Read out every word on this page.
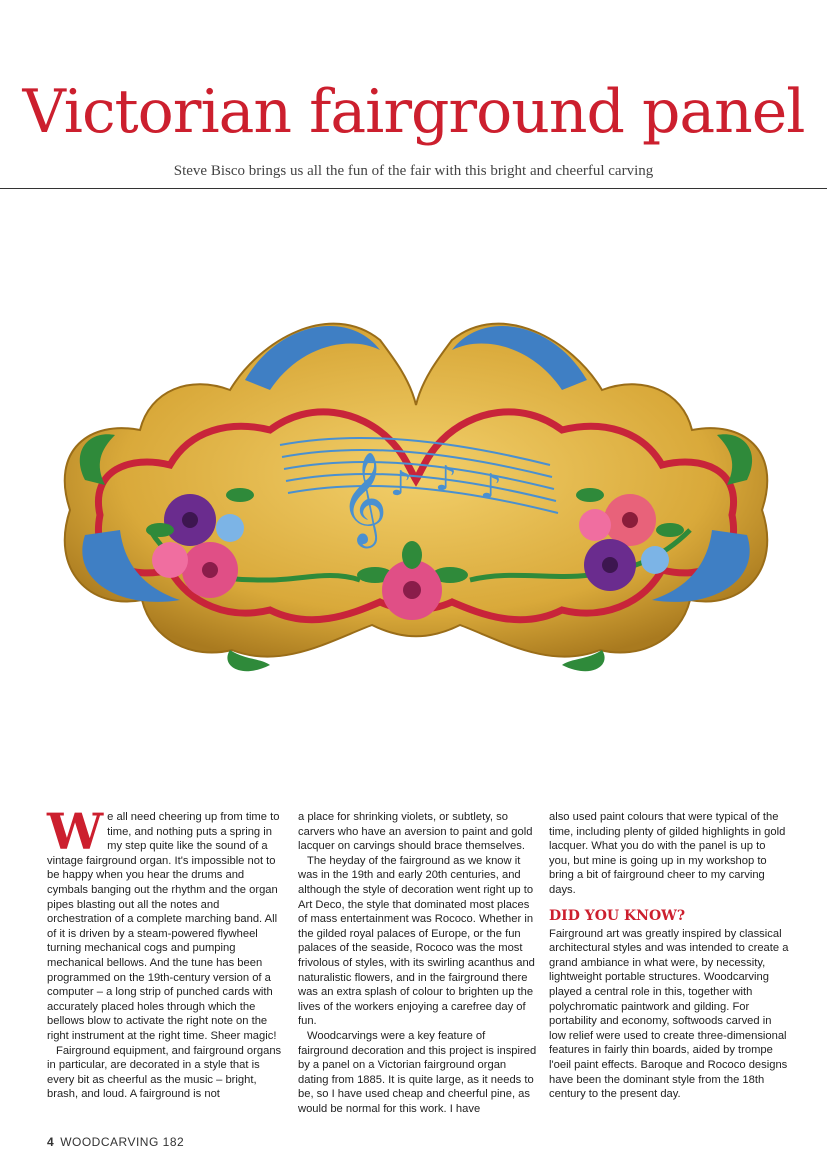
Victorian fairground panel

Steve Bisco brings us all the fun of the fair with this bright and cheerful carving

𝄞 ♪ ♪ ♪

We all need cheering up from time to time, and nothing puts a spring in my step quite like the sound of a vintage fairground organ. It's impossible not to be happy when you hear the drums and cymbals banging out the rhythm and the organ pipes blasting out all the notes and orchestration of a complete marching band. All of it is driven by a steam-powered flywheel turning mechanical cogs and pumping mechanical bellows. And the tune has been programmed on the 19th-century version of a computer – a long strip of punched cards with accurately placed holes through which the bellows blow to activate the right note on the right instrument at the right time. Sheer magic!

Fairground equipment, and fairground organs in particular, are decorated in a style that is every bit as cheerful as the music – bright, brash, and loud. A fairground is not

a place for shrinking violets, or subtlety, so carvers who have an aversion to paint and gold lacquer on carvings should brace themselves.

The heyday of the fairground as we know it was in the 19th and early 20th centuries, and although the style of decoration went right up to Art Deco, the style that dominated most places of mass entertainment was Rococo. Whether in the gilded royal palaces of Europe, or the fun palaces of the seaside, Rococo was the most frivolous of styles, with its swirling acanthus and naturalistic flowers, and in the fairground there was an extra splash of colour to brighten up the lives of the workers enjoying a carefree day of fun.

Woodcarvings were a key feature of fairground decoration and this project is inspired by a panel on a Victorian fairground organ dating from 1885. It is quite large, as it needs to be, so I have used cheap and cheerful pine, as would be normal for this work. I have

also used paint colours that were typical of the time, including plenty of gilded highlights in gold lacquer. What you do with the panel is up to you, but mine is going up in my workshop to bring a bit of fairground cheer to my carving days.

DID YOU KNOW?

Fairground art was greatly inspired by classical architectural styles and was intended to create a grand ambiance in what were, by necessity, lightweight portable structures. Woodcarving played a central role in this, together with polychromatic paintwork and gilding. For portability and economy, softwoods carved in low relief were used to create three-dimensional features in fairly thin boards, aided by trompe l'oeil paint effects. Baroque and Rococo designs have been the dominant style from the 18th century to the present day.

4 WOODCARVING 182
